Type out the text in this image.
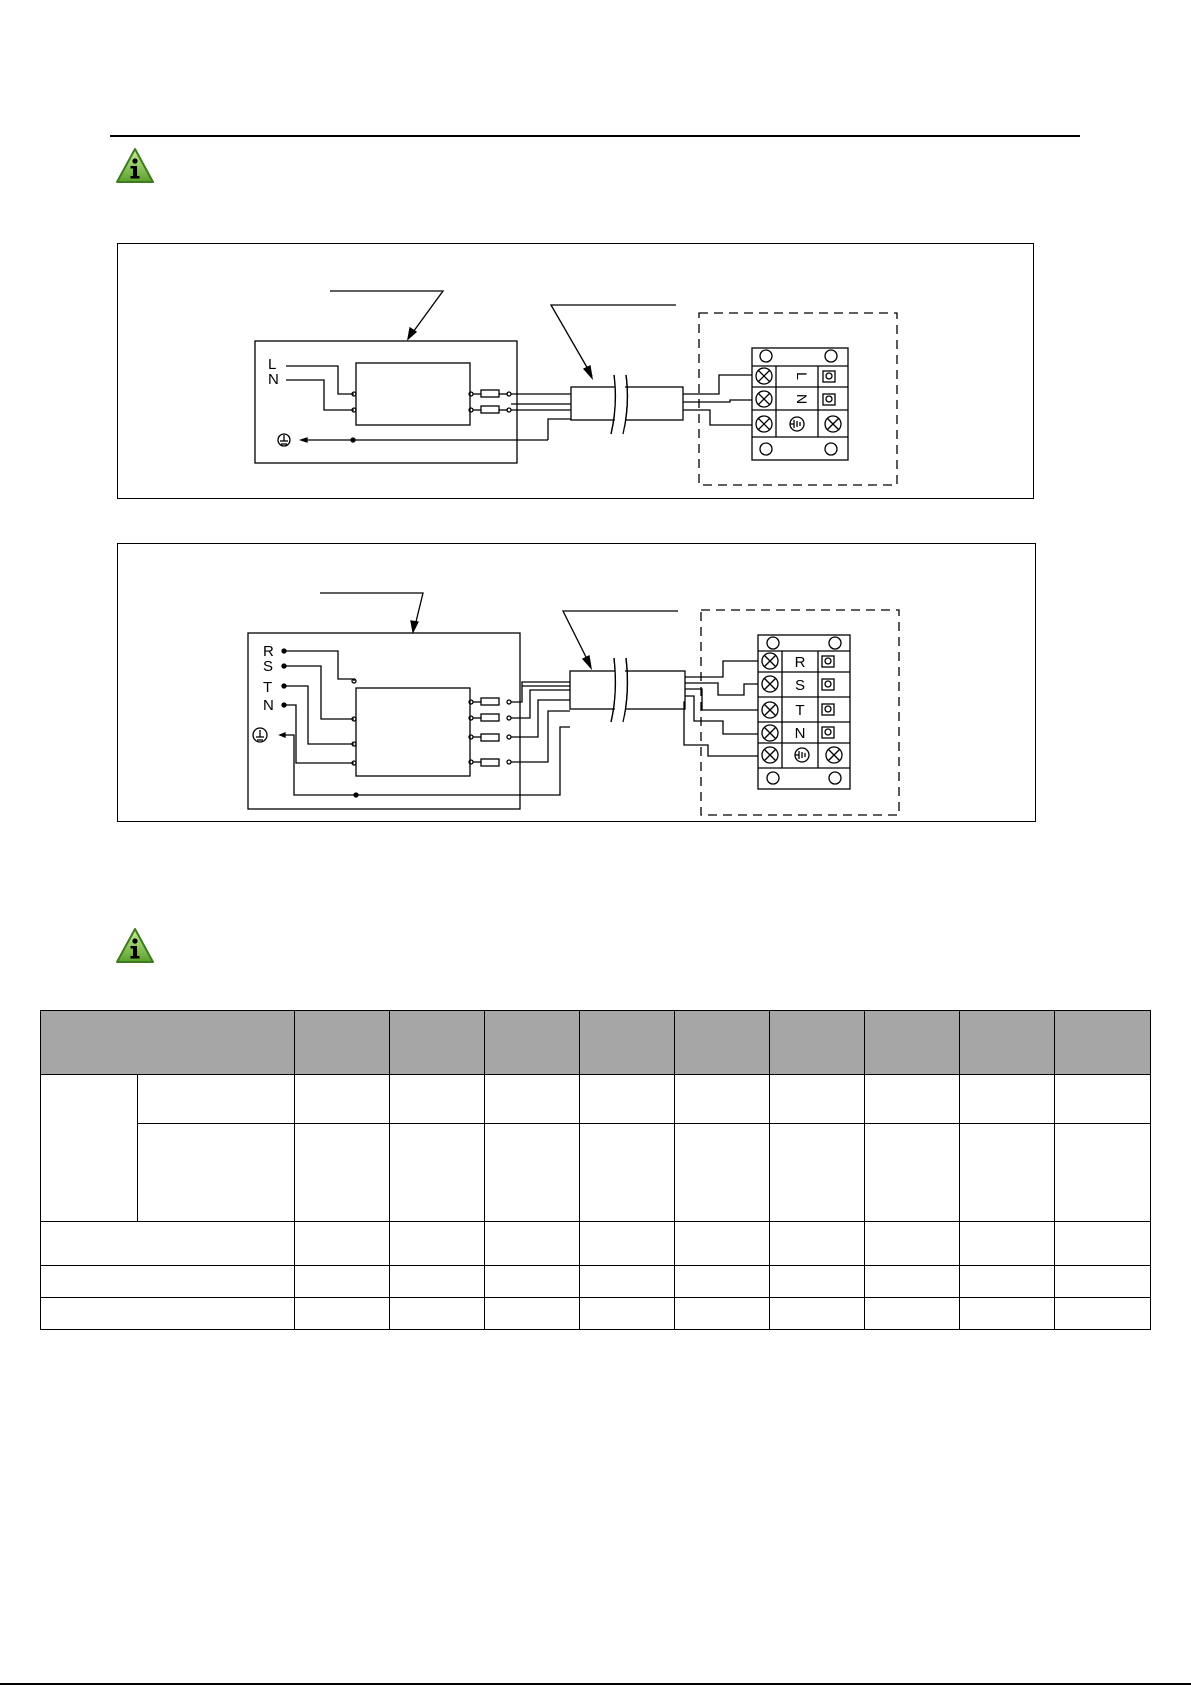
L
N	L
N
R
S
T
N
R
S
T
N
